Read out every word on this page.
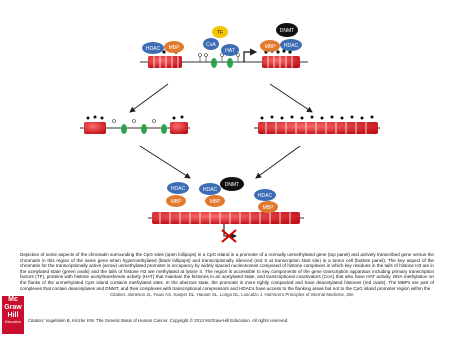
HDAC MBP
TF
CoA
HAT
MBP HDAC
DNMT
HDAC
MBP	MBP
HDAC
DNMT
HDAC
MBP
Depiction of some aspects of the chromatin surrounding the CpG sites (open lollipops) in a CpG island in a promoter of a normally unmethylated gene (top panel) and actively transcribed gene versus the chromatin in this region of the same gene when hypermethylated (black lollipops) and transcriptionally silenced (red X at transcription start site) in a tumor cell (bottom panel). The key aspect of the chromatin for the transcriptionally active (arrow) unmethylated promoter is occupancy by widely spaced nucleosomes composed of histone complexes in which key residues in the tails of histone H3 are in the acetylated state (green ovals) and the tails of histone H3 are methylated at lysine 4. The region is accessible to key components of the gene transcription apparatus including primary transcription factors (TF), proteins with histone acetyltransferase activity (HAT) that maintain the histones in an acetylated state, and transcriptional coactivators (CoA) that also have HAT activity. DNA methylation on the flanks of the unmethylated CpG island contains methylated sites. In the aberrant state, the promoter is more tightly compacted and have deacetylated histones (red ovals). The MBPs are part of complexes that contain deacetylases and DNMT, and their complexes with transcriptional corepressors and HDACs have access to the flanking areas but not to the CpG island promoter region within the
Citation: Jameson JL, Fauci AS, Kasper DL, Hauser SL, Longo DL, Loscalzo J. Harrison's Principles of Internal Medicine, 20e
Mc
Graw
Hill
Education	Citation: Vogelstein B, Kinzler KW. The Genetic Basis of Human Cancer. Copyright © 2014 McGraw-Hill Education. All rights reserved.
